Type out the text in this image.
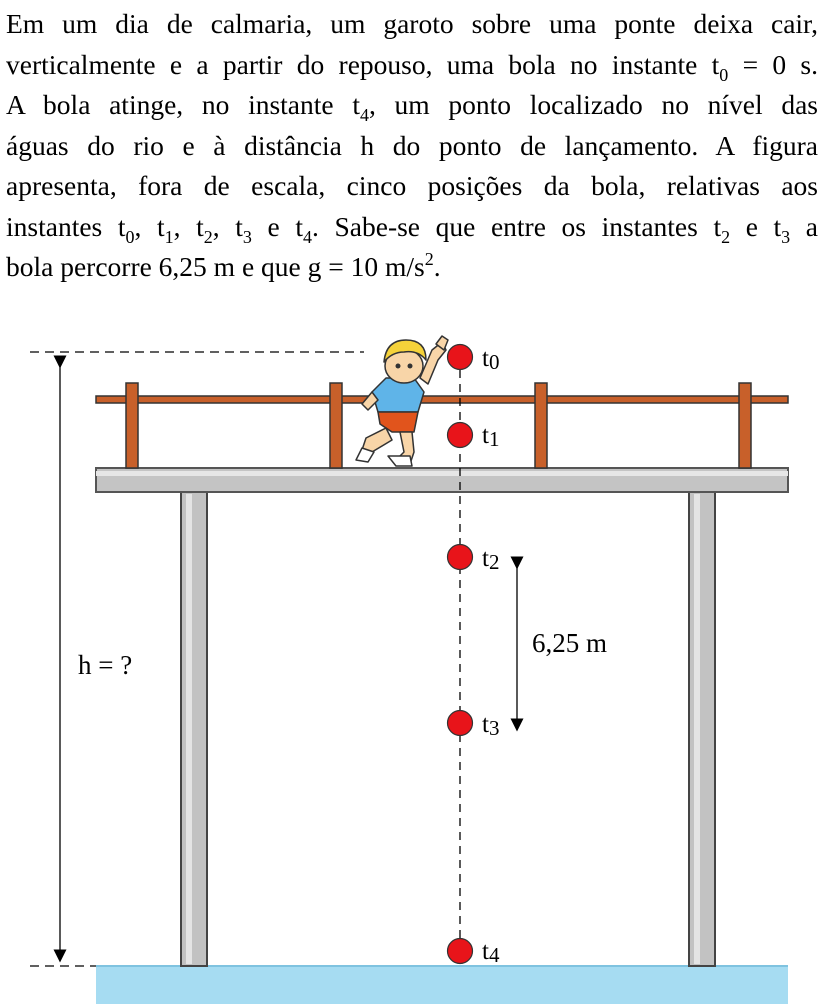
Em um dia de calmaria, um garoto sobre uma ponte deixa cair,
verticalmente e a partir do repouso, uma bola no instante $t_0 = 0$ s.
A bola atinge, no instante $t_4$, um ponto localizado no nível das
águas do rio e à distância h do ponto de lançamento. A figura
apresenta, fora de escala, cinco posições da bola, relativas aos
instantes $t_0$, $t_1$, $t_2$, $t_3$ e $t_4$. Sabe-se que entre os instantes $t_2$ e $t_3$ a
bola percorre 6,25 m e que g = 10 $m/s^2$.
h = ?
t0
t1
t2
t3
t4
6,25 m
